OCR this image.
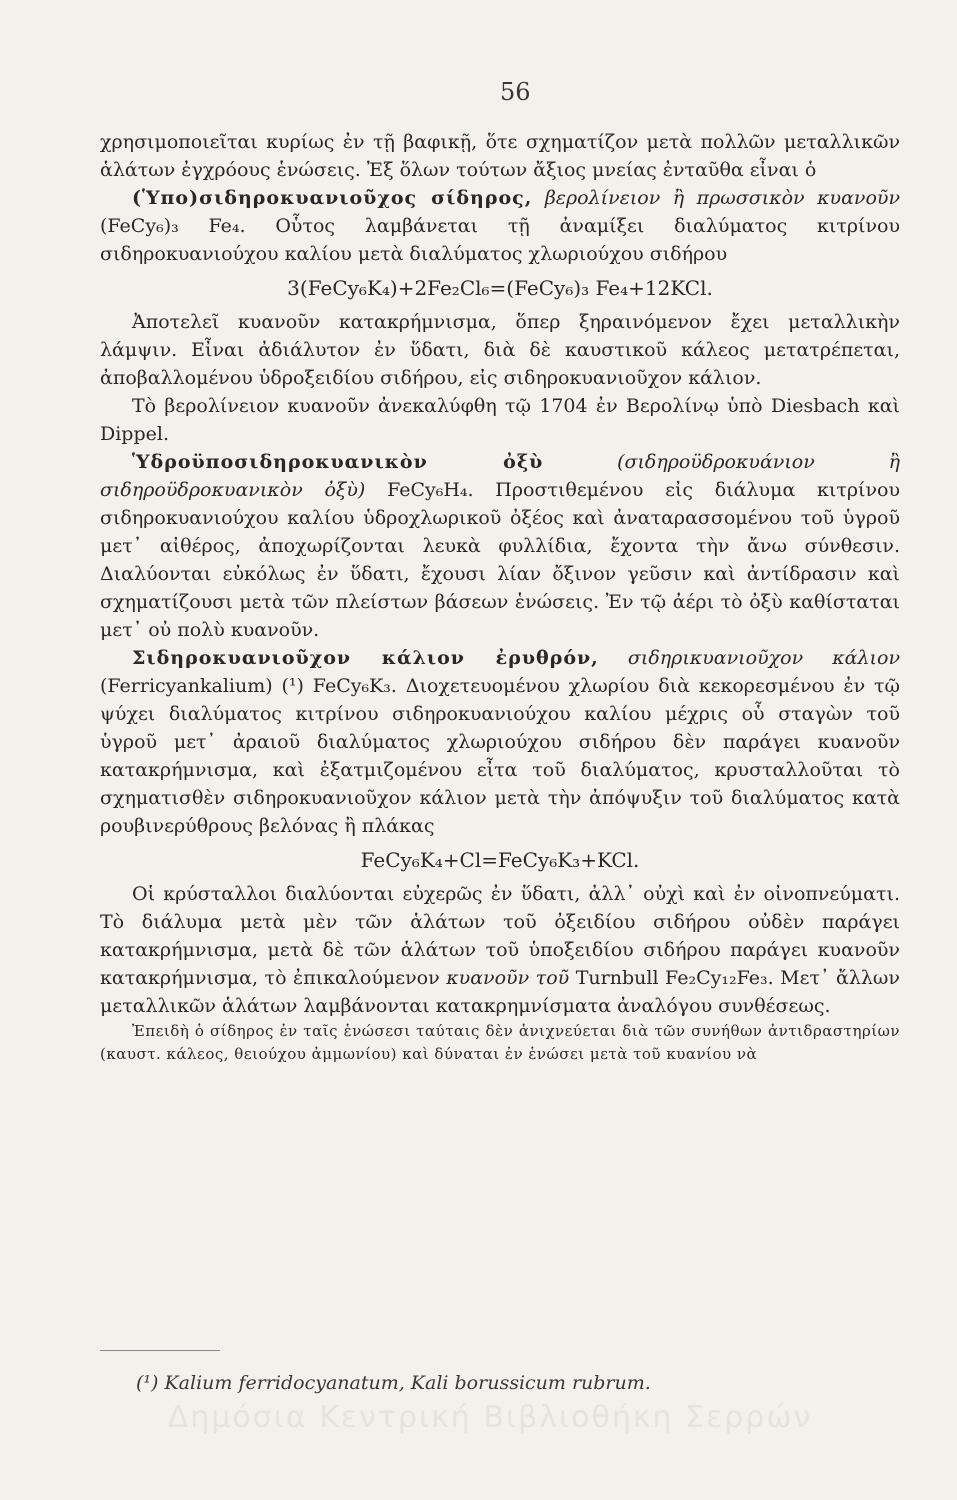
56

χρησιμοποιεῖται κυρίως ἐν τῇ βαφικῇ, ὅτε σχηματίζον μετὰ πολλῶν μεταλλικῶν ἁλάτων ἐγχρόους ἑνώσεις. Ἐξ ὅλων τούτων ἄξιος μνείας ἐνταῦθα εἶναι ὁ

(Ὑπο)σιδηροκυανιοῦχος σίδηρος, βερολίνειον ἢ πρωσσικὸν κυανοῦν (FeCy₆)₃ Fe₄. Οὗτος λαμβάνεται τῇ ἀναμίξει διαλύματος κιτρίνου σιδηροκυανιούχου καλίου μετὰ διαλύματος χλωριούχου σιδήρου

3(FeCy₆K₄)+2Fe₂Cl₆=(FeCy₆)₃ Fe₄+12KCl.

Ἀποτελεῖ κυανοῦν κατακρήμνισμα, ὅπερ ξηραινόμενον ἔχει μεταλλικὴν λάμψιν. Εἶναι ἀδιάλυτον ἐν ὕδατι, διὰ δὲ καυστικοῦ κάλεος μετατρέπεται, ἀποβαλλομένου ὑδροξειδίου σιδήρου, εἰς σιδηροκυανιοῦχον κάλιον.

Τὸ βερολίνειον κυανοῦν ἀνεκαλύφθη τῷ 1704 ἐν Βερολίνῳ ὑπὸ Diesbach καὶ Dippel.

Ὑδροϋποσιδηροκυανικὸν ὀξὺ	(σιδηροϋδροκυάνιον ἢ σιδηροϋδροκυανικὸν ὀξὺ) FeCy₆H₄. Προστιθεμένου εἰς διάλυμα κιτρίνου σιδηροκυανιούχου καλίου ὑδροχλωρικοῦ ὀξέος καὶ ἀναταρασσομένου τοῦ ὑγροῦ μετ᾿ αἰθέρος, ἀποχωρίζονται λευκὰ φυλλίδια, ἔχοντα τὴν ἄνω σύνθεσιν. Διαλύονται εὐκόλως ἐν ὕδατι, ἔχουσι λίαν ὄξινον γεῦσιν καὶ ἀντίδρασιν καὶ σχηματίζουσι μετὰ τῶν πλείστων βάσεων ἑνώσεις. Ἐν τῷ ἀέρι τὸ ὀξὺ καθίσταται μετ᾿ οὐ πολὺ κυανοῦν.

Σιδηροκυανιοῦχον κάλιον ἐρυθρόν, σιδηρικυανιοῦχον κάλιον (Ferricyankalium) (¹) FeCy₆K₃. Διοχετευομένου χλωρίου διὰ κεκορεσμένου ἐν τῷ ψύχει διαλύματος κιτρίνου σιδηροκυανιούχου καλίου μέχρις οὗ σταγὼν τοῦ ὑγροῦ μετ᾿ ἀραιοῦ διαλύματος χλωριούχου σιδήρου δὲν παράγει κυανοῦν κατακρήμνισμα, καὶ ἐξατμιζομένου εἶτα τοῦ διαλύματος, κρυσταλλοῦται τὸ σχηματισθὲν σιδηροκυανιοῦχον κάλιον μετὰ τὴν ἀπόψυξιν τοῦ διαλύματος κατὰ ρουβινερύθρους βελόνας ἢ πλάκας

FeCy₆K₄+Cl=FeCy₆K₃+KCl.

Οἱ κρύσταλλοι διαλύονται εὐχερῶς ἐν ὕδατι, ἀλλ᾿ οὐχὶ καὶ ἐν οἰνοπνεύματι. Τὸ διάλυμα μετὰ μὲν τῶν ἁλάτων τοῦ ὀξειδίου σιδήρου οὐδὲν παράγει κατακρήμνισμα, μετὰ δὲ τῶν ἁλάτων τοῦ ὑποξειδίου σιδήρου παράγει κυανοῦν κατακρήμνισμα, τὸ ἐπικαλούμενον κυανοῦν τοῦ Turnbull Fe₂Cy₁₂Fe₃. Μετ᾿ ἄλλων μεταλλικῶν ἁλάτων λαμβάνονται κατακρημνίσματα ἀναλόγου συνθέσεως.

Ἐπειδὴ ὁ σίδηρος ἐν ταῖς ἑνώσεσι ταύταις δὲν ἀνιχνεύεται διὰ τῶν συνήθων ἀντιδραστηρίων (καυστ. κάλεος, θειούχου ἀμμωνίου) καὶ δύναται ἐν ἑνώσει μετὰ τοῦ κυανίου νὰ

(¹) Kalium ferridocyanatum, Kali borussicum rubrum.
Δημόσια Κεντρική Βιβλιοθήκη Σερρών
